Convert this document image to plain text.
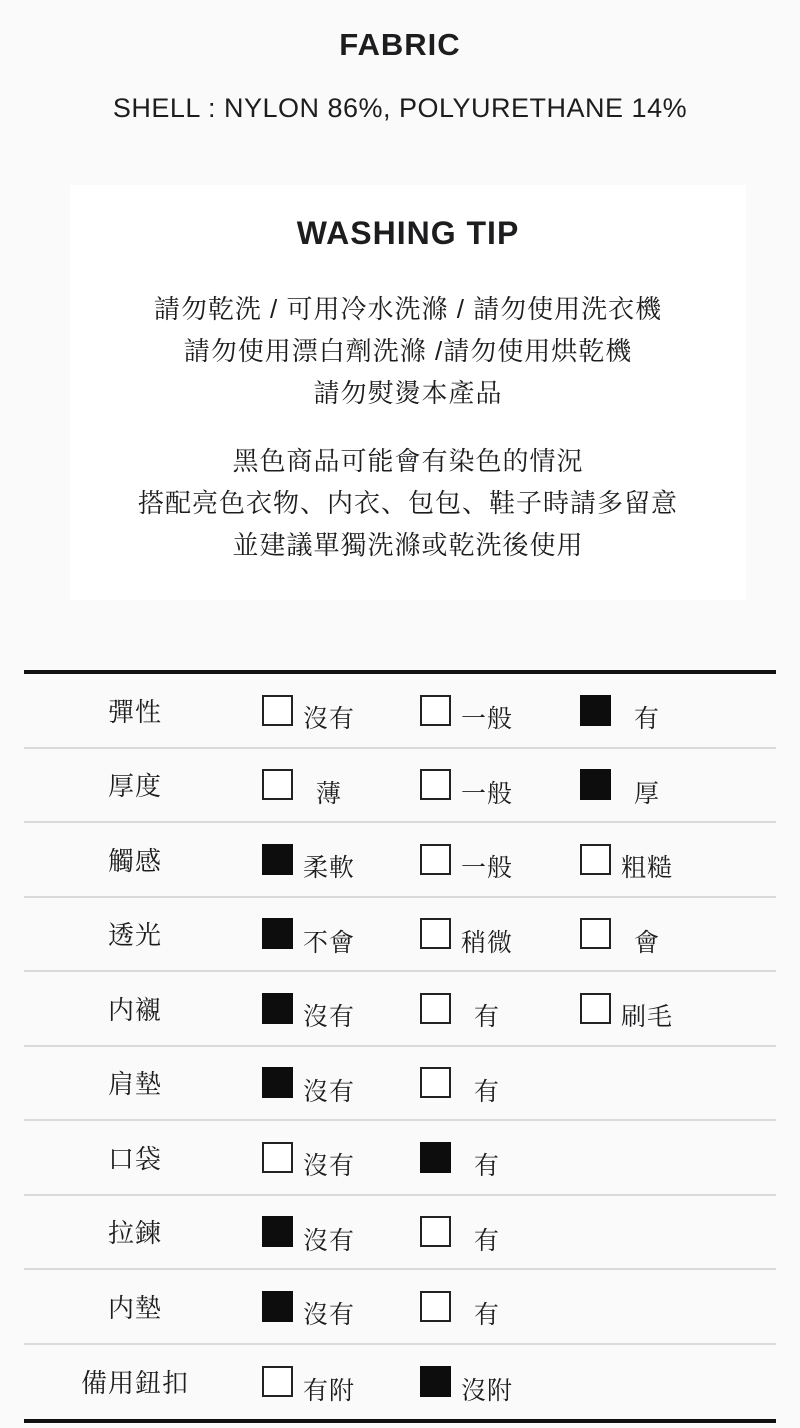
FABRIC

SHELL : NYLON 86%, POLYURETHANE 14%

WASHING TIP
請勿乾洗 / 可用冷水洗滌 / 請勿使用洗衣機
請勿使用漂白劑洗滌 /請勿使用烘乾機
請勿熨燙本產品
黑色商品可能會有染色的情況
搭配亮色衣物、内衣、包包、鞋子時請多留意
並建議單獨洗滌或乾洗後使用
彈性	沒有	一般	有
厚度	薄	一般	厚
觸感	柔軟	一般	粗糙
透光	不會	稍微	會
内襯	沒有	有	刷毛
肩墊	沒有	有
口袋	沒有	有
拉鍊	沒有	有
内墊	沒有	有
備用鈕扣	有附	沒附
